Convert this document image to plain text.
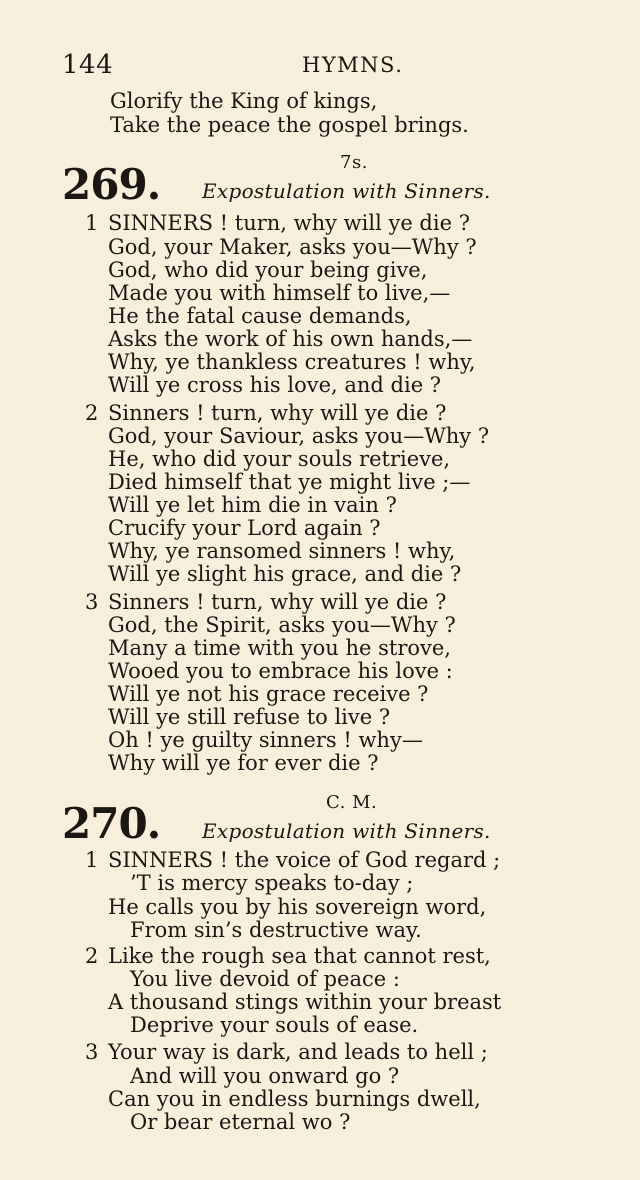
144	HYMNS.
Glorify the King of kings,
Take the peace the gospel brings.
7s.
269. Expostulation with Sinners.
1 SINNERS ! turn, why will ye die ?
God, your Maker, asks you—Why ?
God, who did your being give,
Made you with himself to live,—
He the fatal cause demands,
Asks the work of his own hands,—
Why, ye thankless creatures ! why,
Will ye cross his love, and die ?
2 Sinners ! turn, why will ye die ?
God, your Saviour, asks you—Why ?
He, who did your souls retrieve,
Died himself that ye might live ;—
Will ye let him die in vain ?
Crucify your Lord again ?
Why, ye ransomed sinners ! why,
Will ye slight his grace, and die ?
3 Sinners ! turn, why will ye die ?
God, the Spirit, asks you—Why ?
Many a time with you he strove,
Wooed you to embrace his love :
Will ye not his grace receive ?
Will ye still refuse to live ?
Oh ! ye guilty sinners ! why—
Why will ye for ever die ?
C. M.
270. Expostulation with Sinners.
1 SINNERS ! the voice of God regard ;
’T is mercy speaks to-day ;
He calls you by his sovereign word,
From sin’s destructive way.
2 Like the rough sea that cannot rest,
You live devoid of peace :
A thousand stings within your breast
Deprive your souls of ease.
3 Your way is dark, and leads to hell ;
And will you onward go ?
Can you in endless burnings dwell,
Or bear eternal wo ?
